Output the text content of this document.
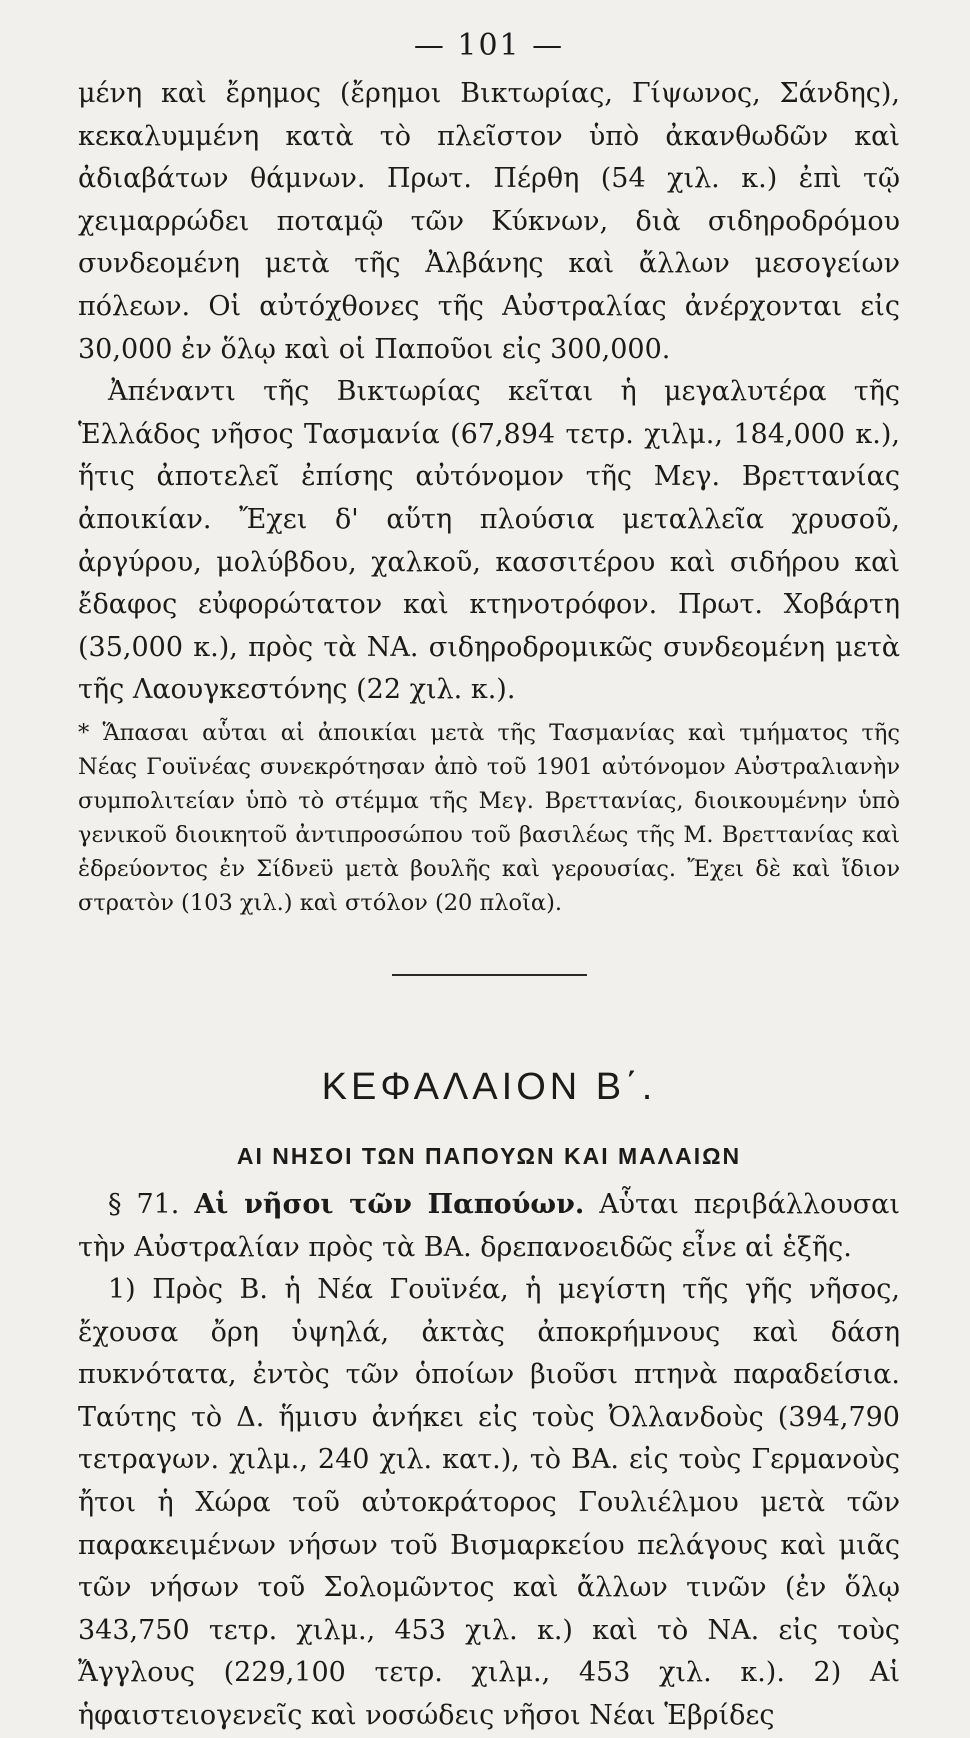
— 101 —

μένη καὶ ἔρημος (ἔρημοι Βικτωρίας, Γίψωνος, Σάνδης), κεκαλυμμένη κατὰ τὸ πλεῖστον ὑπὸ ἀκανθωδῶν καὶ ἀδιαβάτων θάμνων. Πρωτ. Πέρθη (54 χιλ. κ.) ἐπὶ τῷ χειμαρρώδει ποταμῷ τῶν Κύκνων, διὰ σιδηροδρόμου συνδεομένη μετὰ τῆς Ἀλβάνης καὶ ἄλλων μεσογείων πόλεων. Οἱ αὐτόχθονες τῆς Αὐστραλίας ἀνέρχονται εἰς 30,000 ἐν ὅλῳ καὶ οἱ Παποῦοι εἰς 300,000.

Ἀπέναντι τῆς Βικτωρίας κεῖται ἡ μεγαλυτέρα τῆς Ἑλλάδος νῆσος Τασμανία (67,894 τετρ. χιλμ., 184,000 κ.), ἥτις ἀποτελεῖ ἐπίσης αὐτόνομον τῆς Μεγ. Βρεττανίας ἀποικίαν. Ἔχει δ' αὕτη πλούσια μεταλλεῖα χρυσοῦ, ἀργύρου, μολύβδου, χαλκοῦ, κασσιτέρου καὶ σιδήρου καὶ ἔδαφος εὐφορώτατον καὶ κτηνοτρόφον. Πρωτ. Χοβάρτη (35,000 κ.), πρὸς τὰ ΝΑ. σιδηροδρομικῶς συνδεομένη μετὰ τῆς Λαουγκεστόνης (22 χιλ. κ.).

* Ἅπασαι αὗται αἱ ἀποικίαι μετὰ τῆς Τασμανίας καὶ τμήματος τῆς Νέας Γουϊνέας συνεκρότησαν ἀπὸ τοῦ 1901 αὐτόνομον Αὐστραλιανὴν συμπολιτείαν ὑπὸ τὸ στέμμα τῆς Μεγ. Βρεττανίας, διοικουμένην ὑπὸ γενικοῦ διοικητοῦ ἀντιπροσώπου τοῦ βασιλέως τῆς Μ. Βρεττανίας καὶ ἑδρεύοντος ἐν Σίδνεϋ μετὰ βουλῆς καὶ γερουσίας. Ἔχει δὲ καὶ ἴδιον στρατὸν (103 χιλ.) καὶ στόλον (20 πλοῖα).

ΚΕΦΑΛΑΙΟΝ Β΄.
ΑΙ ΝΗΣΟΙ ΤΩΝ ΠΑΠΟΥΩΝ ΚΑΙ ΜΑΛΑΙΩΝ

§ 71. Αἱ νῆσοι τῶν Παπούων. Αὗται περιβάλλουσαι τὴν Αὐστραλίαν πρὸς τὰ ΒΑ. δρεπανοειδῶς εἶνε αἱ ἑξῆς.

1) Πρὸς Β. ἡ Νέα Γουϊνέα, ἡ μεγίστη τῆς γῆς νῆσος, ἔχουσα ὄρη ὑψηλά, ἀκτὰς ἀποκρήμνους καὶ δάση πυκνότατα, ἐντὸς τῶν ὁποίων βιοῦσι πτηνὰ παραδείσια. Ταύτης τὸ Δ. ἥμισυ ἀνήκει εἰς τοὺς Ὀλλανδοὺς (394,790 τετραγων. χιλμ., 240 χιλ. κατ.), τὸ ΒΑ. εἰς τοὺς Γερμανοὺς ἤτοι ἡ Χώρα τοῦ αὐτοκράτορος Γουλιέλμου μετὰ τῶν παρακειμένων νήσων τοῦ Βισμαρκείου πελάγους καὶ μιᾶς τῶν νήσων τοῦ Σολομῶντος καὶ ἄλλων τινῶν (ἐν ὅλῳ 343,750 τετρ. χιλμ., 453 χιλ. κ.) καὶ τὸ ΝΑ. εἰς τοὺς Ἄγγλους (229,100 τετρ. χιλμ., 453 χιλ. κ.). 2) Αἱ ἡφαιστειογενεῖς καὶ νοσώδεις νῆσοι Νέαι Ἑβρίδες
